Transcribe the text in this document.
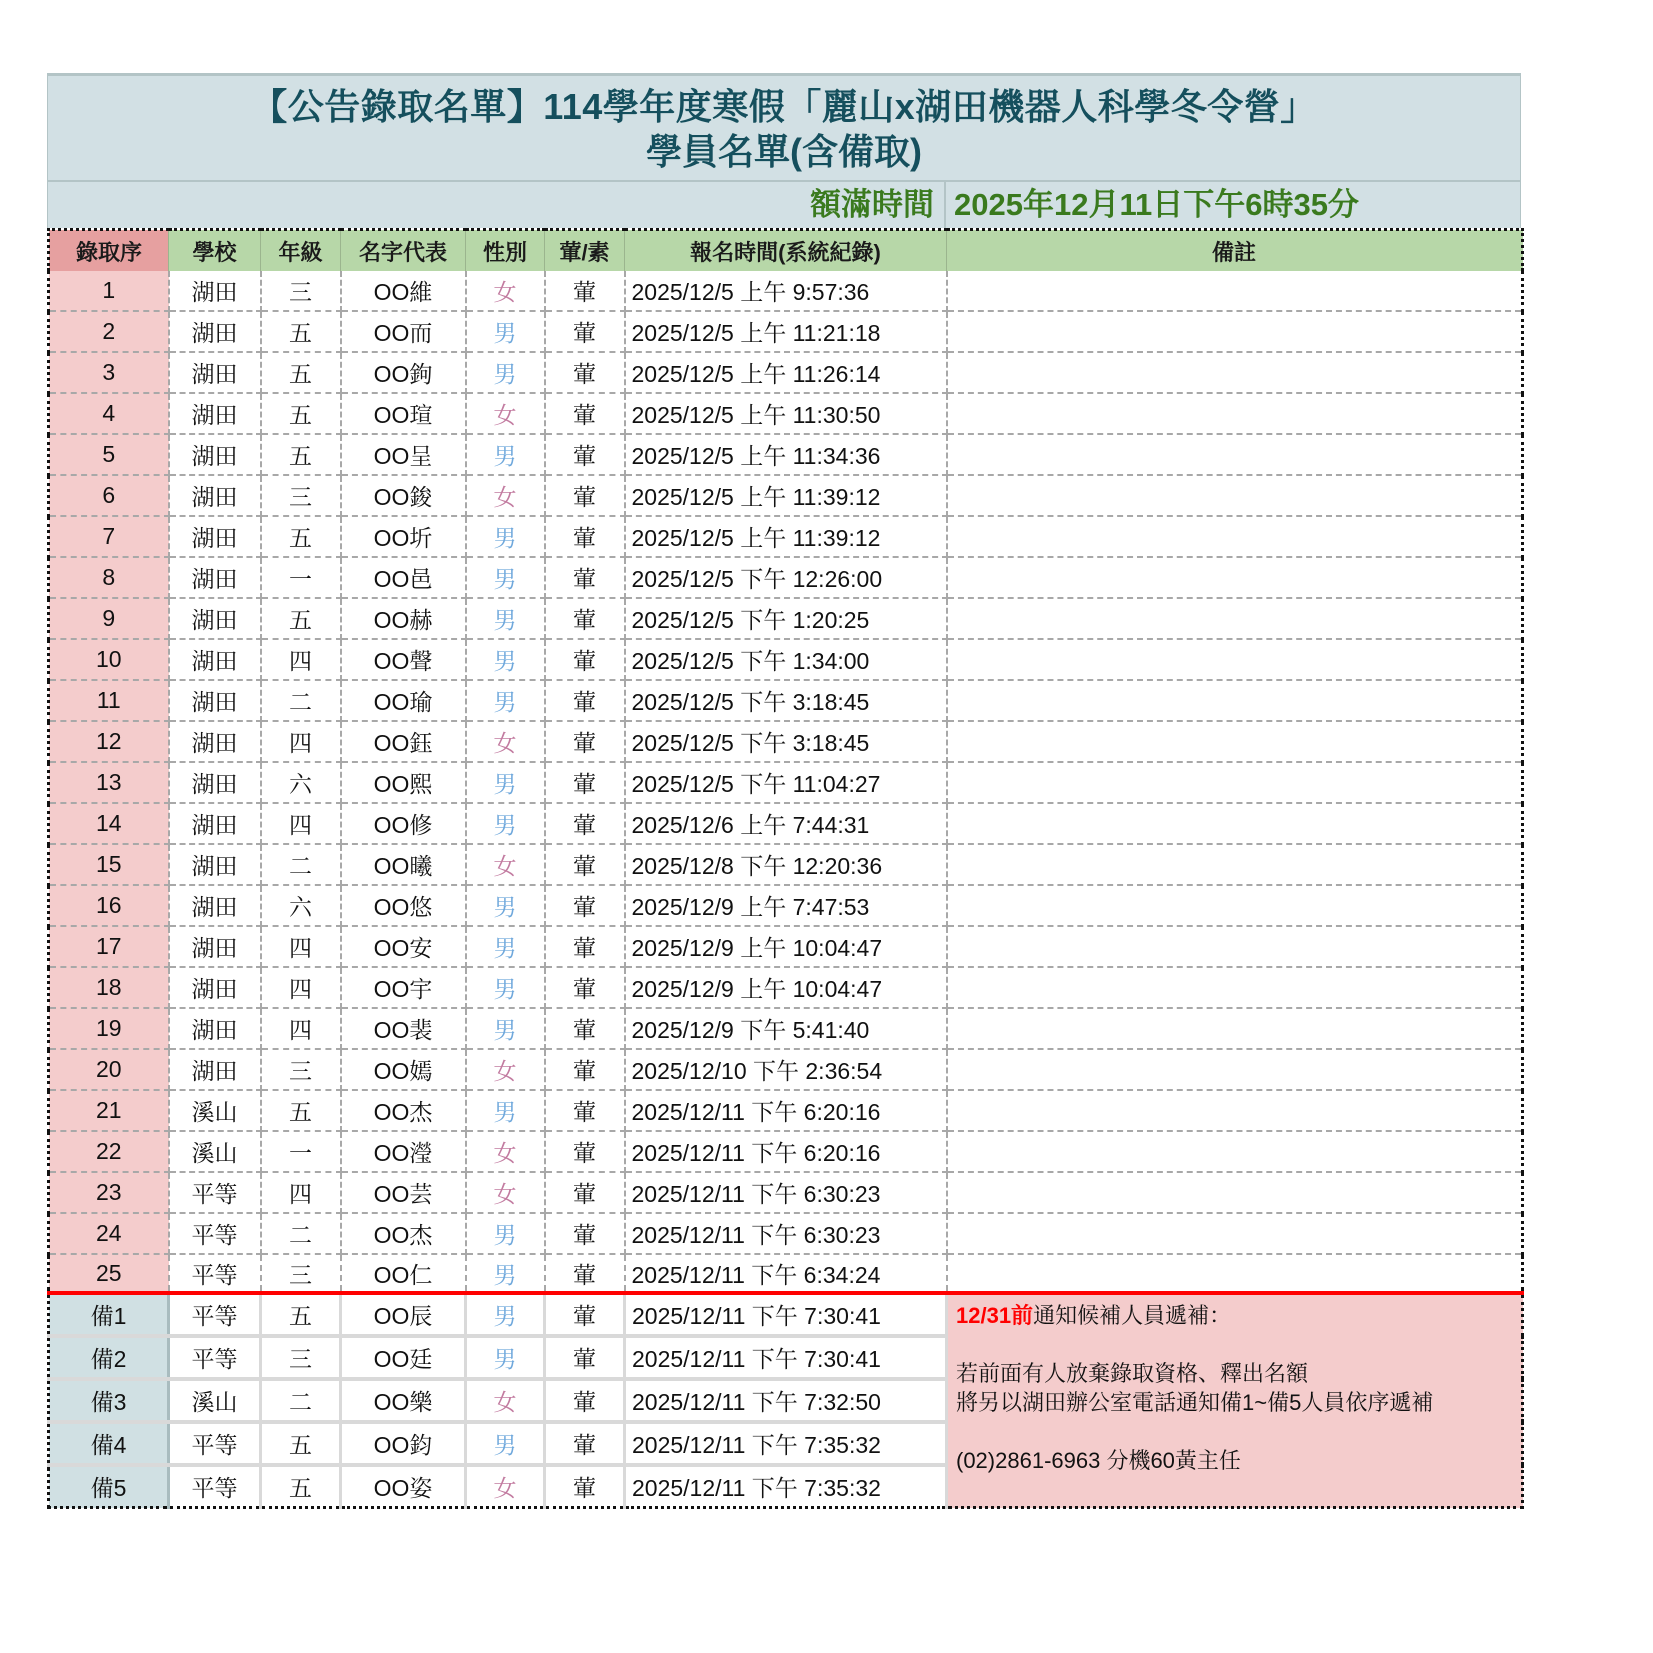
【公告錄取名單】114學年度寒假「麗山x湖田機器人科學冬令營」
學員名單(含備取)
額滿時間 2025年12月11日下午6時35分
錄取序	學校	年級	名字代表	性別	葷/素	報名時間(系統紀錄)	備註
1	湖田	三	OO維	女	葷	2025/12/5 上午 9:57:36	
2	湖田	五	OO而	男	葷	2025/12/5 上午 11:21:18	
3	湖田	五	OO鉤	男	葷	2025/12/5 上午 11:26:14	
4	湖田	五	OO瑄	女	葷	2025/12/5 上午 11:30:50	
5	湖田	五	OO呈	男	葷	2025/12/5 上午 11:34:36	
6	湖田	三	OO鋑	女	葷	2025/12/5 上午 11:39:12	
7	湖田	五	OO圻	男	葷	2025/12/5 上午 11:39:12	
8	湖田	一	OO邑	男	葷	2025/12/5 下午 12:26:00	
9	湖田	五	OO赫	男	葷	2025/12/5 下午 1:20:25	
10	湖田	四	OO聲	男	葷	2025/12/5 下午 1:34:00	
11	湖田	二	OO瑜	男	葷	2025/12/5 下午 3:18:45	
12	湖田	四	OO鈺	女	葷	2025/12/5 下午 3:18:45	
13	湖田	六	OO熙	男	葷	2025/12/5 下午 11:04:27	
14	湖田	四	OO修	男	葷	2025/12/6 上午 7:44:31	
15	湖田	二	OO曦	女	葷	2025/12/8 下午 12:20:36	
16	湖田	六	OO悠	男	葷	2025/12/9 上午 7:47:53	
17	湖田	四	OO安	男	葷	2025/12/9 上午 10:04:47	
18	湖田	四	OO宇	男	葷	2025/12/9 上午 10:04:47	
19	湖田	四	OO裴	男	葷	2025/12/9 下午 5:41:40	
20	湖田	三	OO嫣	女	葷	2025/12/10 下午 2:36:54	
21	溪山	五	OO杰	男	葷	2025/12/11 下午 6:20:16	
22	溪山	一	OO瀅	女	葷	2025/12/11 下午 6:20:16	
23	平等	四	OO芸	女	葷	2025/12/11 下午 6:30:23	
24	平等	二	OO杰	男	葷	2025/12/11 下午 6:30:23	
25	平等	三	OO仁	男	葷	2025/12/11 下午 6:34:24	
備1	平等	五	OO辰	男	葷	2025/12/11 下午 7:30:41	12/31前通知候補人員遞補：
若前面有人放棄錄取資格、釋出名額
將另以湖田辦公室電話通知備1~備5人員依序遞補
(02)2861-6963 分機60黃主任

備2	平等	三	OO廷	男	葷	2025/12/11 下午 7:30:41	
備3	溪山	二	OO樂	女	葷	2025/12/11 下午 7:32:50	
備4	平等	五	OO鈞	男	葷	2025/12/11 下午 7:35:32	
備5	平等	五	OO姿	女	葷	2025/12/11 下午 7:35:32	
